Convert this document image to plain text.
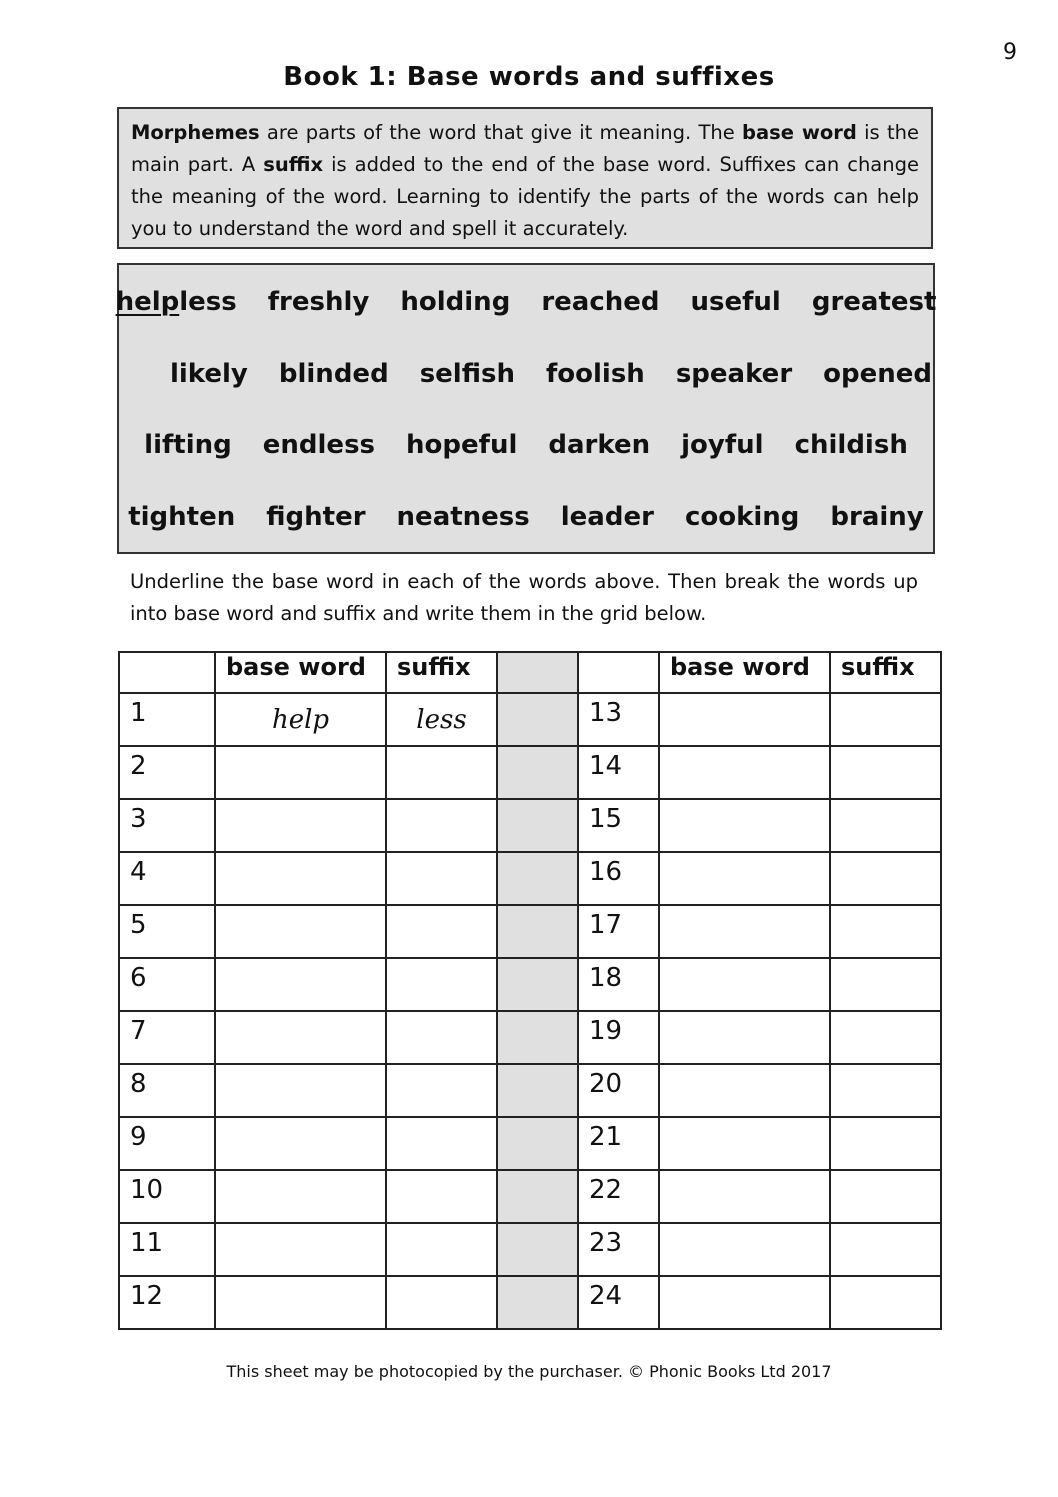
9
Book 1: Base words and suffixes
Morphemes are parts of the word that give it meaning. The base word is the main part. A suffix is added to the end of the base word. Suffixes can change the meaning of the word. Learning to identify the parts of the words can help you to understand the word and spell it accurately.
helpless freshly holding reached useful greatest
likely blinded selfish foolish speaker opened
lifting endless hopeful darken joyful childish
tighten fighter neatness leader cooking brainy
Underline the base word in each of the words above. Then break the words up into base word and suffix and write them in the grid below.
	base word	suffix			base word	suffix
1	help	less		13		
2				14		
3				15		
4				16		
5				17		
6				18		
7				19		
8				20		
9				21		
10				22		
11				23		
12				24		
This sheet may be photocopied by the purchaser. © Phonic Books Ltd 2017
